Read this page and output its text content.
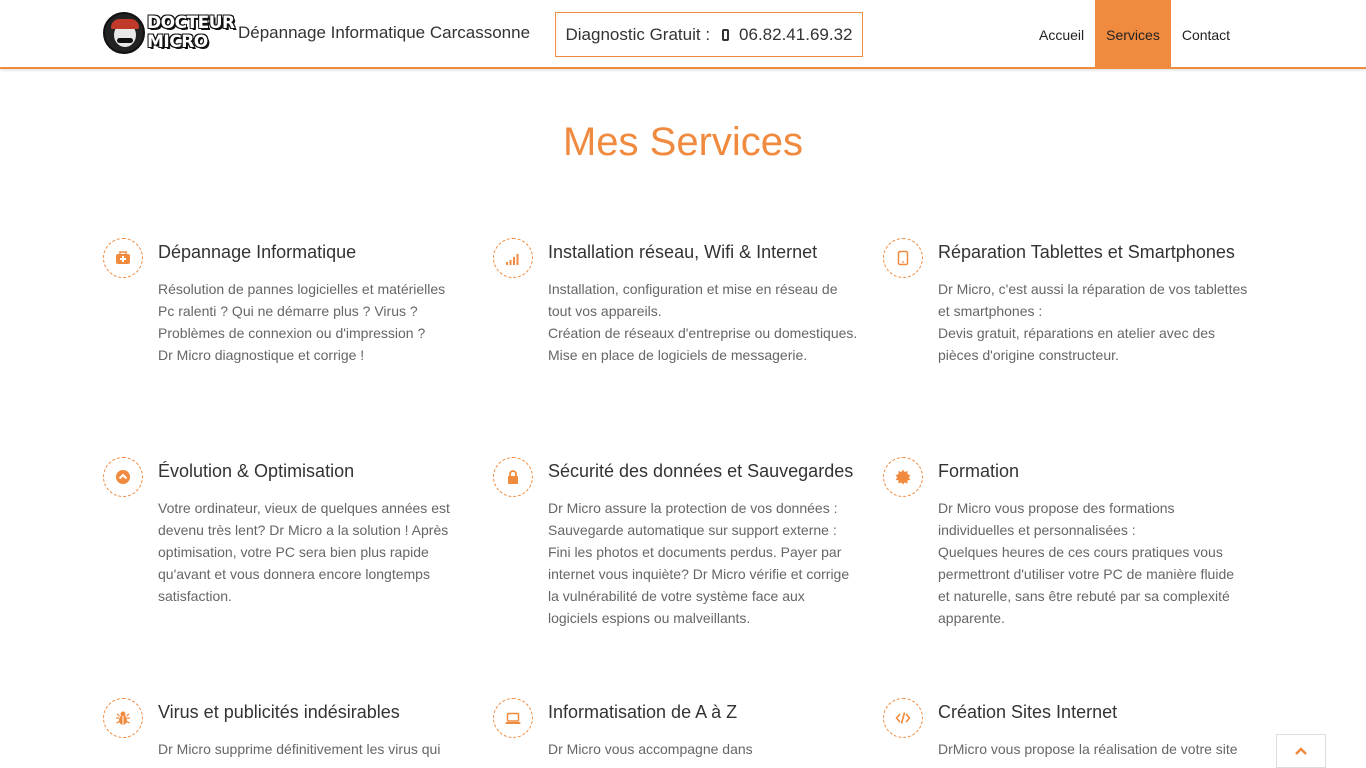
DOCTEUR
MICRO	Dépannage Informatique Carcassonne Diagnostic Gratuit : 06.82.41.69.32	Accueil	Services	Contact
Mes Services
Dépannage Informatique

Résolution de pannes logicielles et matérielles

Pc ralenti ? Qui ne démarre plus ? Virus ?

Problèmes de connexion ou d'impression ?

Dr Micro diagnostique et corrige !

Installation réseau, Wifi & Internet

Installation, configuration et mise en réseau de tout vos appareils.

Création de réseaux d'entreprise ou domestiques.

Mise en place de logiciels de messagerie.

Réparation Tablettes et Smartphones

Dr Micro, c'est aussi la réparation de vos tablettes et smartphones :

Devis gratuit, réparations en atelier avec des pièces d'origine constructeur.

Évolution & Optimisation

Votre ordinateur, vieux de quelques années est devenu très lent? Dr Micro a la solution ! Après optimisation, votre PC sera bien plus rapide qu'avant et vous donnera encore longtemps satisfaction.

Sécurité des données et Sauvegardes

Dr Micro assure la protection de vos données :

Sauvegarde automatique sur support externe :

Fini les photos et documents perdus. Payer par internet vous inquiète? Dr Micro vérifie et corrige la vulnérabilité de votre système face aux logiciels espions ou malveillants.

Formation

Dr Micro vous propose des formations individuelles et personnalisées :

Quelques heures de ces cours pratiques vous permettront d'utiliser votre PC de manière fluide et naturelle, sans être rebuté par sa complexité apparente.

Virus et publicités indésirables

Dr Micro supprime définitivement les virus qui

Informatisation de A à Z

Dr Micro vous accompagne dans

Création Sites Internet

DrMicro vous propose la réalisation de votre site
